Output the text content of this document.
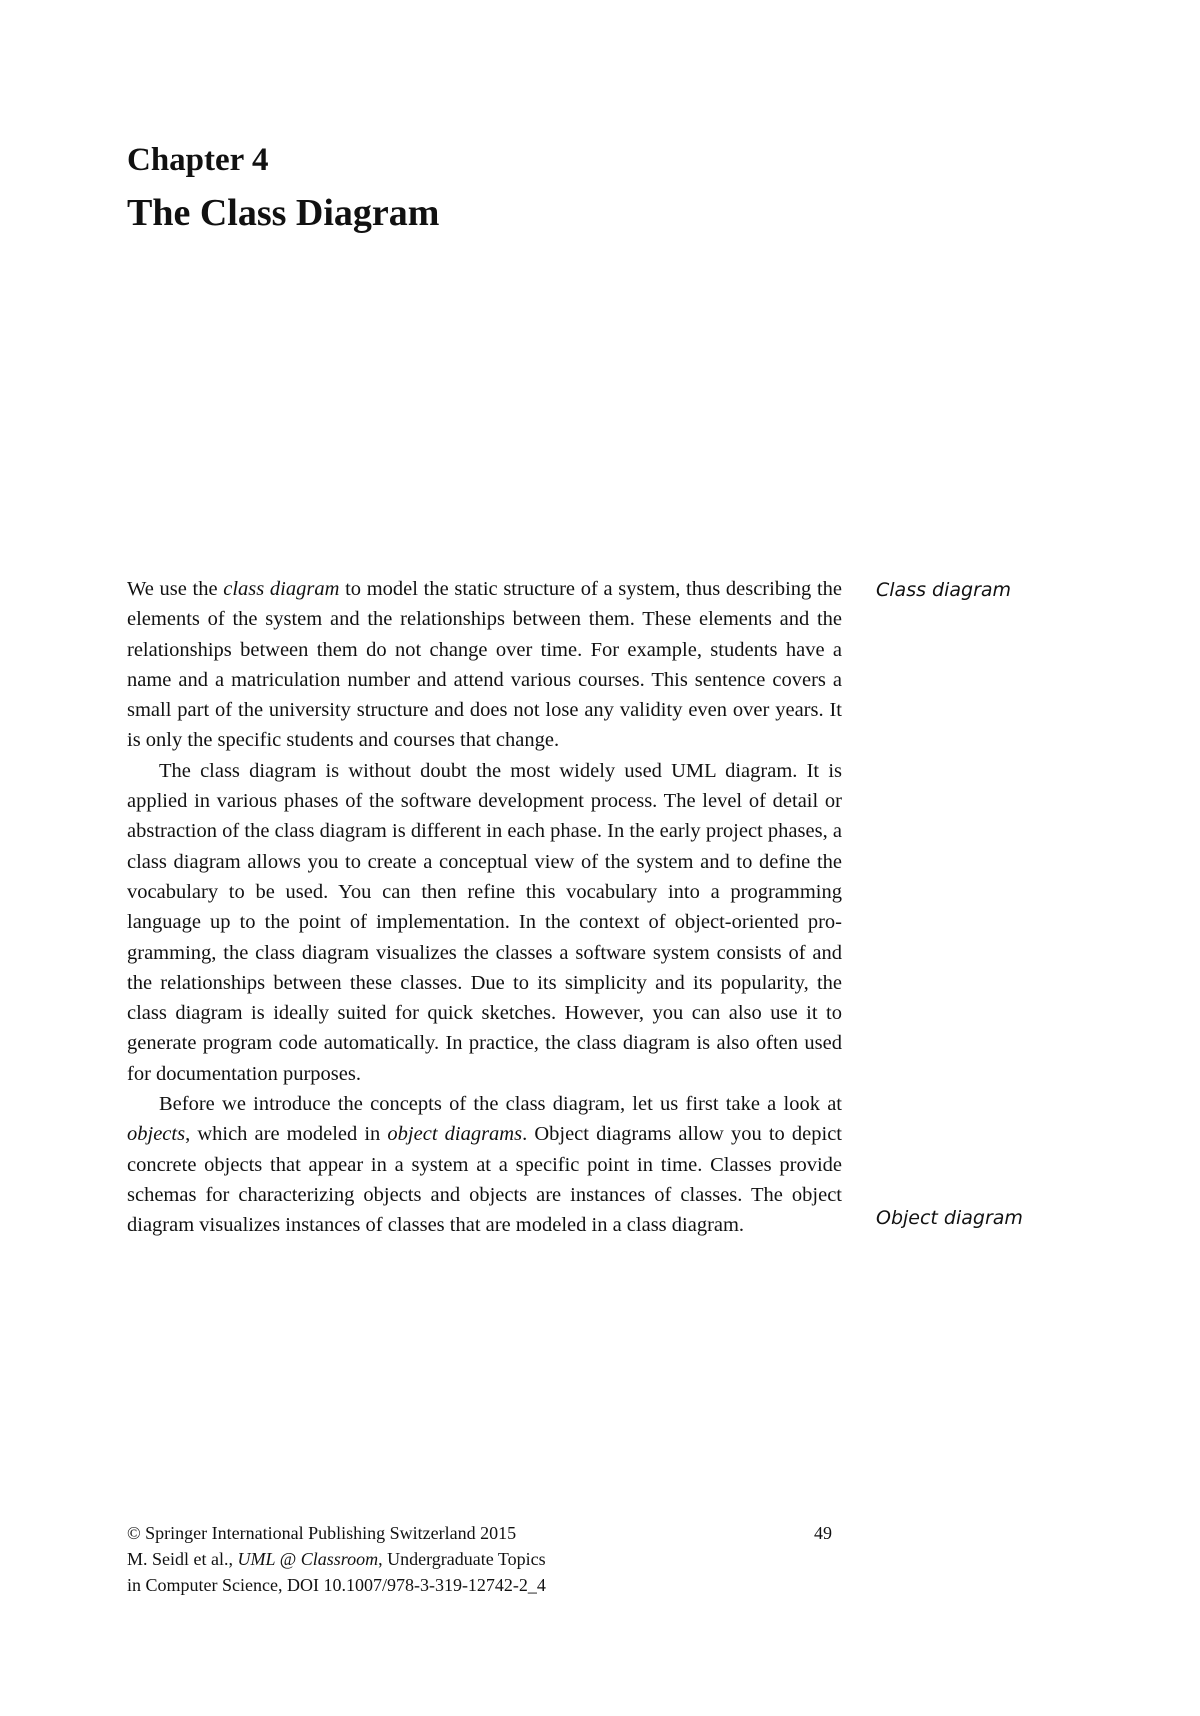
Chapter 4
The Class Diagram

We use the class diagram to model the static structure of a system, thus describing the elements of the system and the relationships between them. These elements and the relationships between them do not change over time. For example, students have a name and a matriculation number and attend various courses. This sentence covers a small part of the university structure and does not lose any validity even over years. It is only the specific students and courses that change.

The class diagram is without doubt the most widely used UML diagram. It is applied in various phases of the software development process. The level of detail or abstraction of the class diagram is different in each phase. In the early project phases, a class diagram allows you to create a conceptual view of the system and to define the vocabulary to be used. You can then refine this vocabulary into a programming language up to the point of implementation. In the context of object-oriented programming, the class diagram visualizes the classes a software system consists of and the relationships between these classes. Due to its simplicity and its popularity, the class diagram is ideally suited for quick sketches. However, you can also use it to generate program code automatically. In practice, the class diagram is also often used for documentation purposes.

Before we introduce the concepts of the class diagram, let us first take a look at objects, which are modeled in object diagrams. Object diagrams allow you to depict concrete objects that appear in a system at a specific point in time. Classes provide schemas for characterizing objects and objects are instances of classes. The object diagram visualizes instances of classes that are modeled in a class diagram.

Class diagram
Object diagram
© Springer International Publishing Switzerland 2015
M. Seidl et al., UML @ Classroom, Undergraduate Topics
in Computer Science, DOI 10.1007/978-3-319-12742-2_4
49
